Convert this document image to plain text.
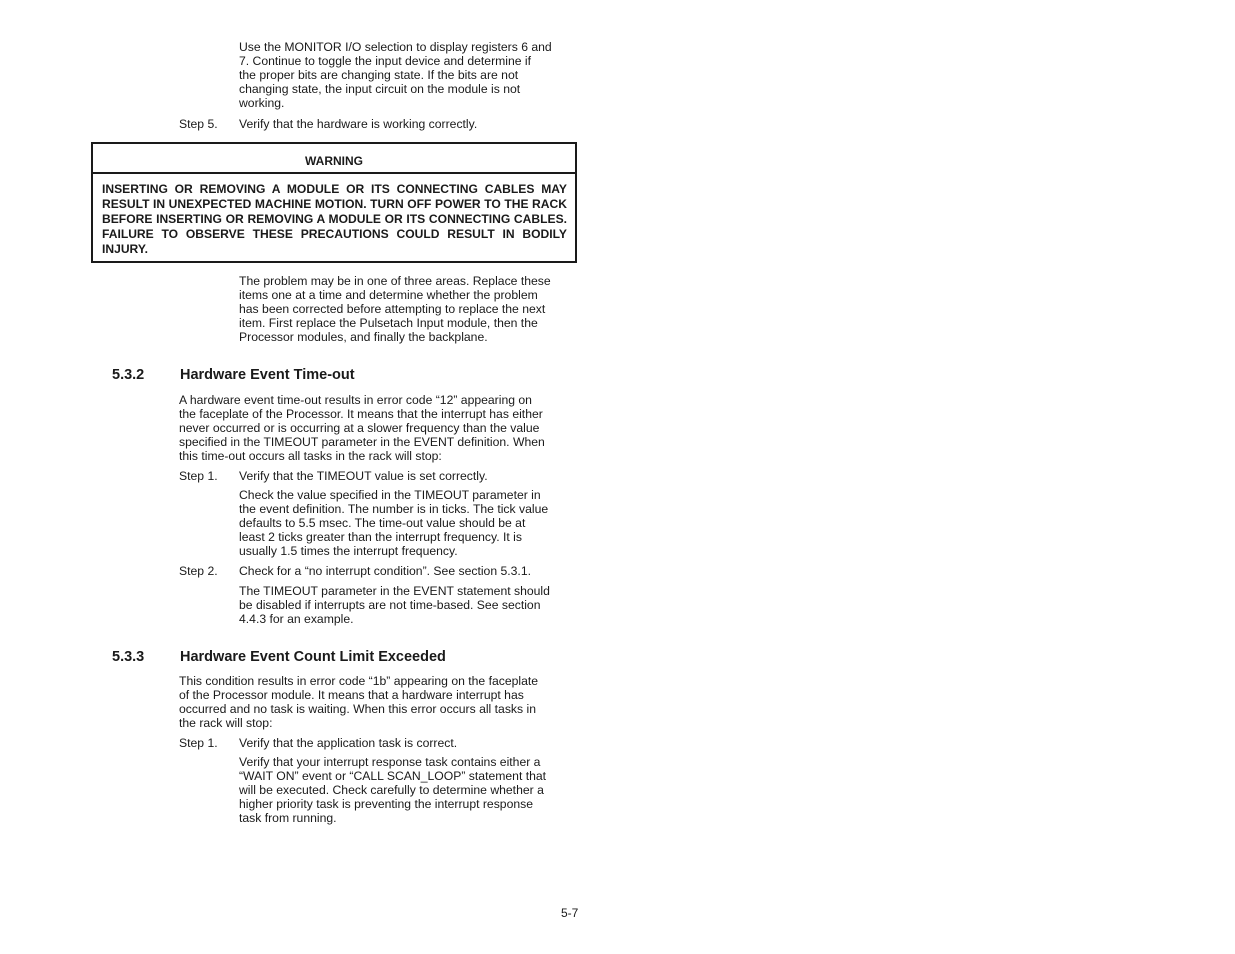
Use the MONITOR I/O selection to display registers 6 and
7. Continue to toggle the input device and determine if
the proper bits are changing state. If the bits are not
changing state, the input circuit on the module is not
working.

Step 5.	Verify that the hardware is working correctly.
WARNING
INSERTING OR REMOVING A MODULE OR ITS CONNECTING CABLES MAY RESULT IN UNEXPECTED MACHINE MOTION. TURN OFF POWER TO THE RACK BEFORE INSERTING OR REMOVING A MODULE OR ITS CONNECTING CABLES. FAILURE TO OBSERVE THESE PRECAUTIONS COULD RESULT IN BODILY INJURY.

The problem may be in one of three areas. Replace these
items one at a time and determine whether the problem
has been corrected before attempting to replace the next
item. First replace the Pulsetach Input module, then the
Processor modules, and finally the backplane.

5.3.2 Hardware Event Time-out

A hardware event time-out results in error code “12” appearing on
the faceplate of the Processor. It means that the interrupt has either
never occurred or is occurring at a slower frequency than the value
specified in the TIMEOUT parameter in the EVENT definition. When
this time-out occurs all tasks in the rack will stop:

Step 1.	Verify that the TIMEOUT value is set correctly.

Check the value specified in the TIMEOUT parameter in
the event definition. The number is in ticks. The tick value
defaults to 5.5 msec. The time-out value should be at
least 2 ticks greater than the interrupt frequency. It is
usually 1.5 times the interrupt frequency.

Step 2.	Check for a “no interrupt condition”. See section 5.3.1.

The TIMEOUT parameter in the EVENT statement should
be disabled if interrupts are not time-based. See section
4.4.3 for an example.

5.3.3 Hardware Event Count Limit Exceeded

This condition results in error code “1b” appearing on the faceplate
of the Processor module. It means that a hardware interrupt has
occurred and no task is waiting. When this error occurs all tasks in
the rack will stop:

Step 1.	Verify that the application task is correct.

Verify that your interrupt response task contains either a
“WAIT ON” event or “CALL SCAN_LOOP” statement that
will be executed. Check carefully to determine whether a
higher priority task is preventing the interrupt response
task from running.

5-7
